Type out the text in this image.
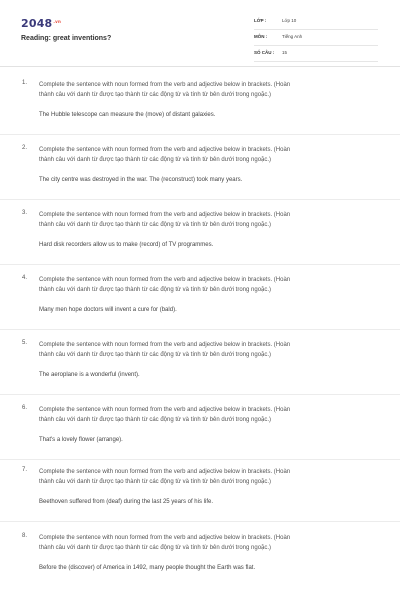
$2048^{.vn}$
Reading: great inventions?
LỚP :	Lớp 10
MÔN :	Tiếng Anh
SỐ CÂU : 15
1. Complete the sentence with noun formed from the verb and adjective below in brackets. (Hoàn
thành câu với danh từ được tạo thành từ các động từ và tính từ bên dưới trong ngoặc.)
The Hubble telescope can measure the (move) of distant galaxies.
2. Complete the sentence with noun formed from the verb and adjective below in brackets. (Hoàn
thành câu với danh từ được tạo thành từ các động từ và tính từ bên dưới trong ngoặc.)
The city centre was destroyed in the war. The (reconstruct) took many years.
3. Complete the sentence with noun formed from the verb and adjective below in brackets. (Hoàn
thành câu với danh từ được tạo thành từ các động từ và tính từ bên dưới trong ngoặc.)
Hard disk recorders allow us to make (record) of TV programmes.
4. Complete the sentence with noun formed from the verb and adjective below in brackets. (Hoàn
thành câu với danh từ được tạo thành từ các động từ và tính từ bên dưới trong ngoặc.)
Many men hope doctors will invent a cure for (bald).
5. Complete the sentence with noun formed from the verb and adjective below in brackets. (Hoàn
thành câu với danh từ được tạo thành từ các động từ và tính từ bên dưới trong ngoặc.)
The aeroplane is a wonderful (invent).
6. Complete the sentence with noun formed from the verb and adjective below in brackets. (Hoàn
thành câu với danh từ được tạo thành từ các động từ và tính từ bên dưới trong ngoặc.)
That's a lovely flower (arrange).
7. Complete the sentence with noun formed from the verb and adjective below in brackets. (Hoàn
thành câu với danh từ được tạo thành từ các động từ và tính từ bên dưới trong ngoặc.)
Beethoven suffered from (deaf) during the last 25 years of his life.
8. Complete the sentence with noun formed from the verb and adjective below in brackets. (Hoàn
thành câu với danh từ được tạo thành từ các động từ và tính từ bên dưới trong ngoặc.)
Before the (discover) of America in 1492, many people thought the Earth was flat.
